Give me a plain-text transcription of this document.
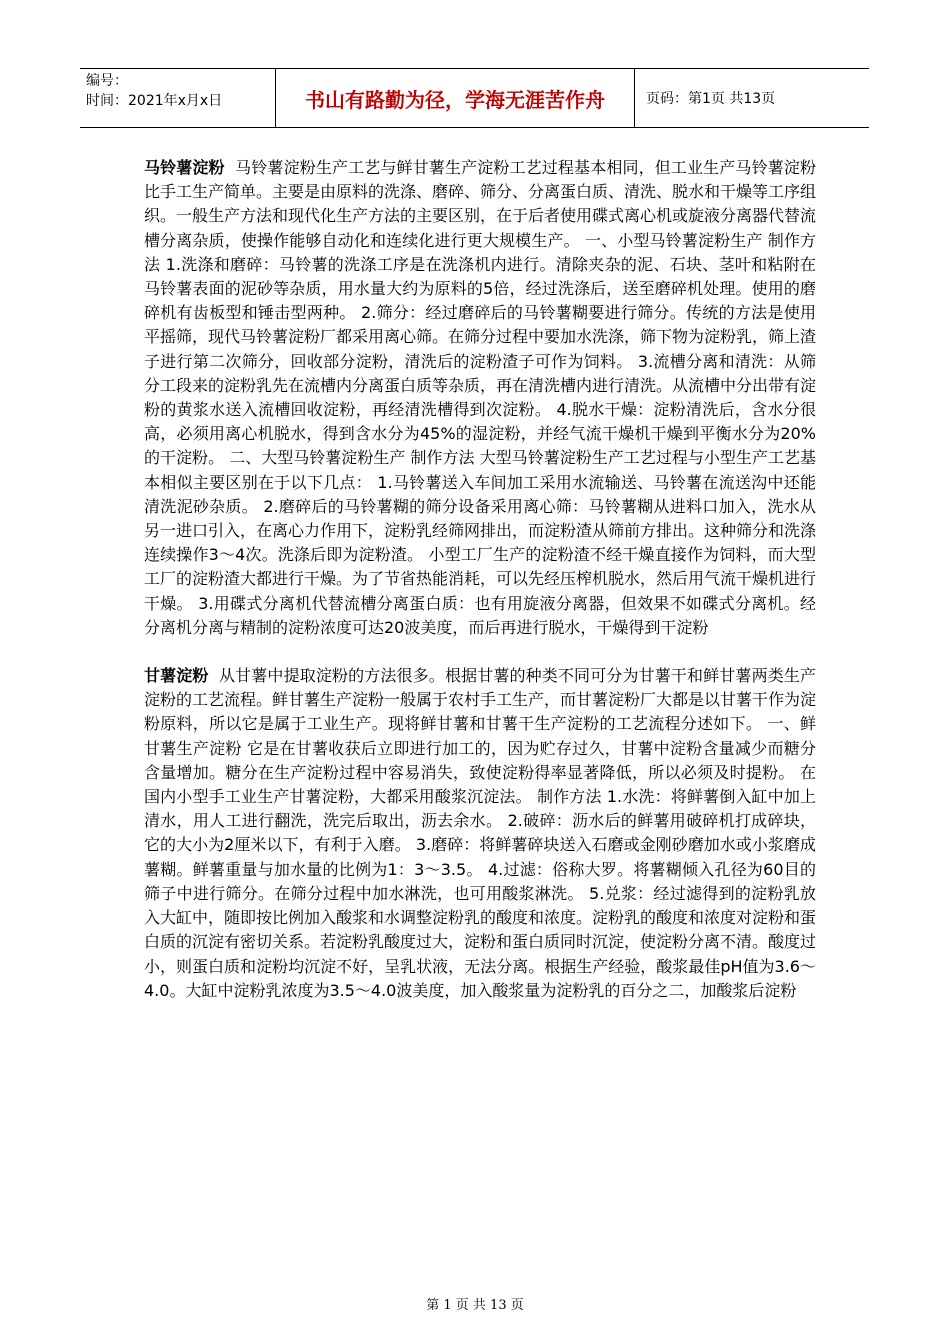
编号：
时间：2021年x月x日	书山有路勤为径，学海无涯苦作舟	页码：第1页 共13页

马铃薯淀粉 马铃薯淀粉生产工艺与鲜甘薯生产淀粉工艺过程基本相同，但工业生产马铃薯淀粉比手工生产简单。主要是由原料的洗涤、磨碎、筛分、分离蛋白质、清洗、脱水和干燥等工序组织。一般生产方法和现代化生产方法的主要区别，在于后者使用碟式离心机或旋液分离器代替流槽分离杂质，使操作能够自动化和连续化进行更大规模生产。 一、小型马铃薯淀粉生产 制作方法 1.洗涤和磨碎：马铃薯的洗涤工序是在洗涤机内进行。清除夹杂的泥、石块、茎叶和粘附在马铃薯表面的泥砂等杂质，用水量大约为原料的5倍，经过洗涤后，送至磨碎机处理。使用的磨碎机有齿板型和锤击型两种。 2.筛分：经过磨碎后的马铃薯糊要进行筛分。传统的方法是使用平摇筛，现代马铃薯淀粉厂都采用离心筛。在筛分过程中要加水洗涤，筛下物为淀粉乳，筛上渣子进行第二次筛分，回收部分淀粉，清洗后的淀粉渣子可作为饲料。 3.流槽分离和清洗：从筛分工段来的淀粉乳先在流槽内分离蛋白质等杂质，再在清洗槽内进行清洗。从流槽中分出带有淀粉的黄浆水送入流槽回收淀粉，再经清洗槽得到次淀粉。 4.脱水干燥：淀粉清洗后，含水分很高，必须用离心机脱水，得到含水分为45%的湿淀粉，并经气流干燥机干燥到平衡水分为20%的干淀粉。 二、大型马铃薯淀粉生产 制作方法 大型马铃薯淀粉生产工艺过程与小型生产工艺基本相似主要区别在于以下几点： 1.马铃薯送入车间加工采用水流输送、马铃薯在流送沟中还能清洗泥砂杂质。 2.磨碎后的马铃薯糊的筛分设备采用离心筛：马铃薯糊从进料口加入，洗水从另一进口引入，在离心力作用下，淀粉乳经筛网排出，而淀粉渣从筛前方排出。这种筛分和洗涤连续操作3～4次。洗涤后即为淀粉渣。 小型工厂生产的淀粉渣不经干燥直接作为饲料，而大型工厂的淀粉渣大都进行干燥。为了节省热能消耗，可以先经压榨机脱水，然后用气流干燥机进行干燥。 3.用碟式分离机代替流槽分离蛋白质：也有用旋液分离器，但效果不如碟式分离机。经分离机分离与精制的淀粉浓度可达20波美度，而后再进行脱水，干燥得到干淀粉

甘薯淀粉 从甘薯中提取淀粉的方法很多。根据甘薯的种类不同可分为甘薯干和鲜甘薯两类生产淀粉的工艺流程。鲜甘薯生产淀粉一般属于农村手工生产，而甘薯淀粉厂大都是以甘薯干作为淀粉原料，所以它是属于工业生产。现将鲜甘薯和甘薯干生产淀粉的工艺流程分述如下。 一、鲜甘薯生产淀粉 它是在甘薯收获后立即进行加工的，因为贮存过久，甘薯中淀粉含量减少而糖分含量增加。糖分在生产淀粉过程中容易消失，致使淀粉得率显著降低，所以必须及时提粉。 在国内小型手工业生产甘薯淀粉，大都采用酸浆沉淀法。 制作方法 1.水洗：将鲜薯倒入缸中加上清水，用人工进行翻洗，洗完后取出，沥去余水。 2.破碎：沥水后的鲜薯用破碎机打成碎块，它的大小为2厘米以下，有利于入磨。 3.磨碎：将鲜薯碎块送入石磨或金刚砂磨加水或小浆磨成薯糊。鲜薯重量与加水量的比例为1：3～3.5。 4.过滤：俗称大罗。将薯糊倾入孔径为60目的筛子中进行筛分。在筛分过程中加水淋洗，也可用酸浆淋洗。 5.兑浆：经过滤得到的淀粉乳放入大缸中，随即按比例加入酸浆和水调整淀粉乳的酸度和浓度。淀粉乳的酸度和浓度对淀粉和蛋白质的沉淀有密切关系。若淀粉乳酸度过大，淀粉和蛋白质同时沉淀，使淀粉分离不清。酸度过小，则蛋白质和淀粉均沉淀不好，呈乳状液，无法分离。根据生产经验，酸浆最佳pH值为3.6～4.0。大缸中淀粉乳浓度为3.5～4.0波美度，加入酸浆量为淀粉乳的百分之二，加酸浆后淀粉

第 1 页 共 13 页
